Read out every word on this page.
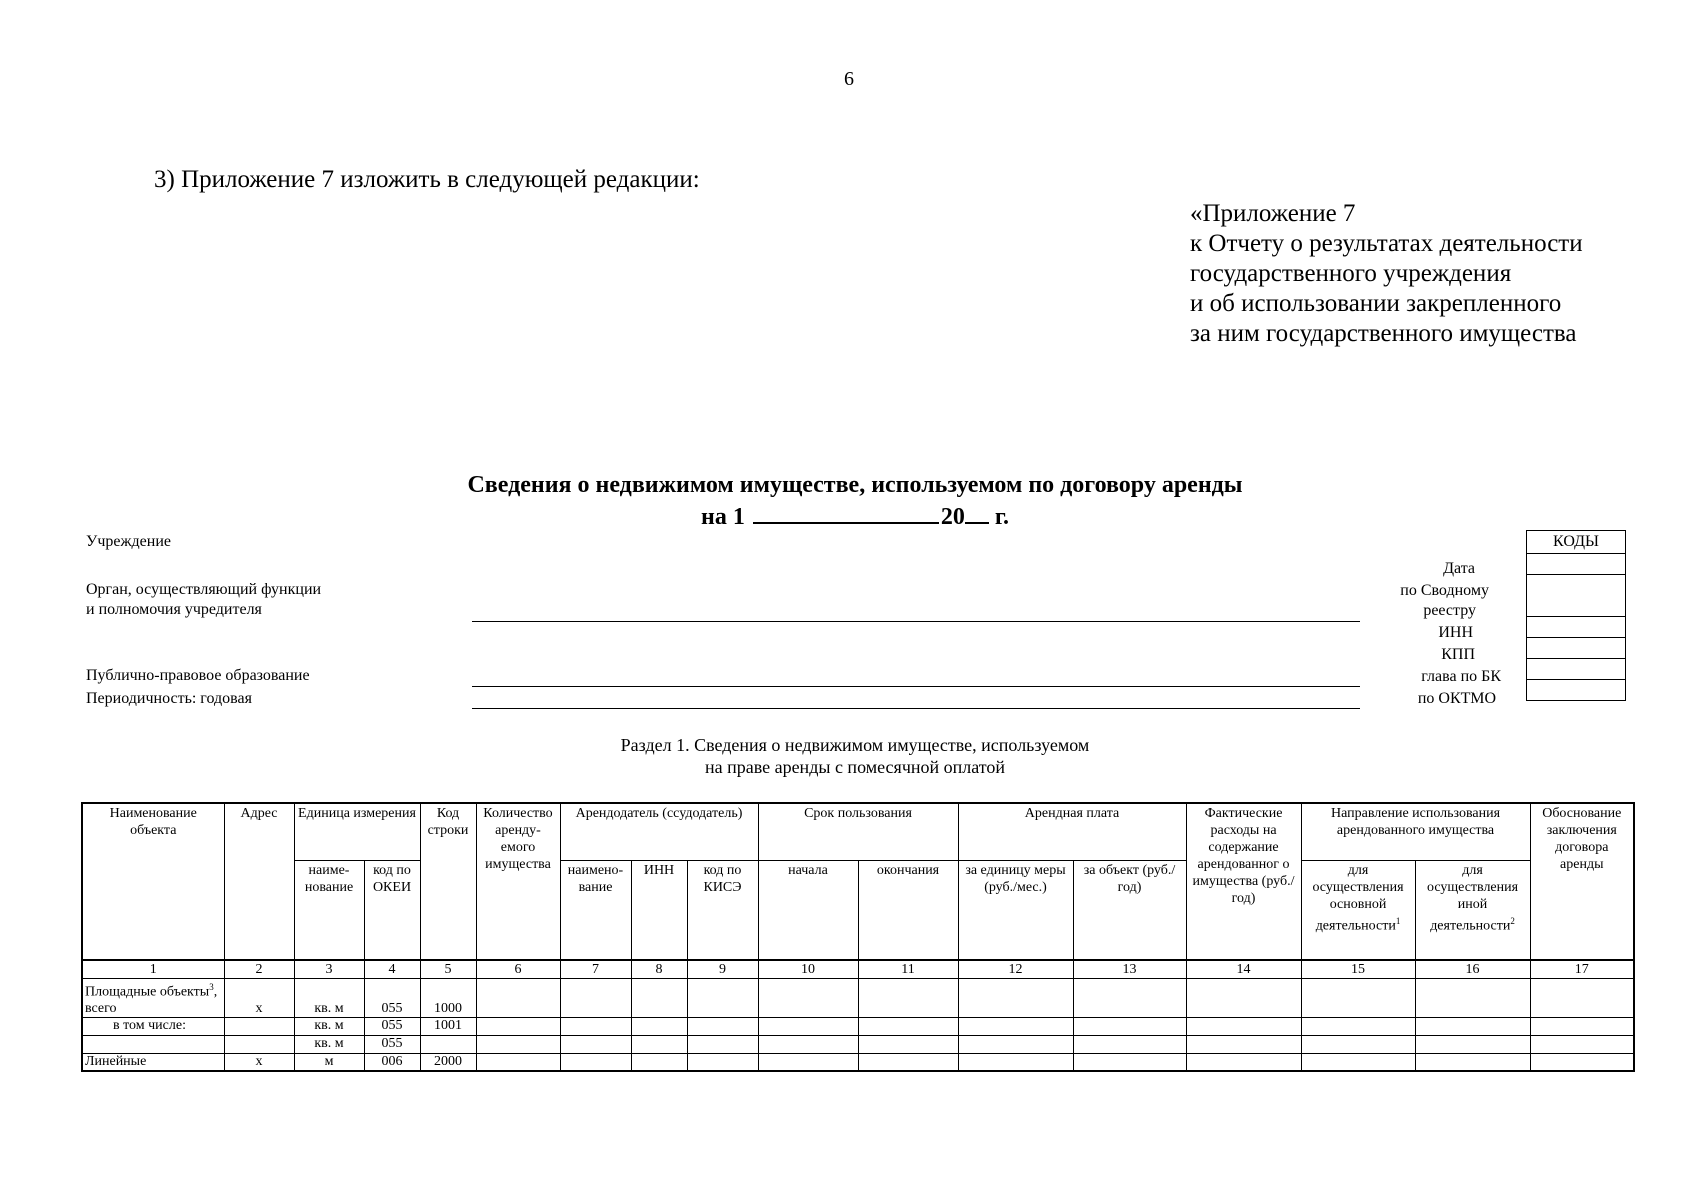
6
3) Приложение 7 изложить в следующей редакции:
«Приложение 7
к Отчету о результатах деятельности
государственного учреждения
и об использовании закрепленного
за ним государственного имущества
Сведения о недвижимом имуществе, используемом по договору аренды
на 1	20 г.
Учреждение
Орган, осуществляющий функции
и полномочия учредителя
Публично-правовое образование
Периодичность: годовая
Дата
по Сводному
реестру
ИНН
КПП
глава по БК
по ОКТМО
КОДЫ

Раздел 1. Сведения о недвижимом имуществе, используемом
на праве аренды с помесячной оплатой
Наименование объекта	Адрес	Единица измерения		Код строки	Количество аренду-емого имущества	Арендодатель (ссудодатель)			Срок пользования		Арендная плата		Фактические расходы на содержание арендованног о имущества (руб./год)	Направление использования арендованного имущества		Обоснование заключения договора аренды
		наиме-нование	код по ОКЕИ			наимено-вание	ИНН	код по КИСЭ	начала	окончания	за единицу меры (руб./мес.)	за объект (руб./год)		для осуществления основной деятельности$^1$	для осуществления иной деятельности$^2$
1	2	3	4	5	6	7	8	9	10	11	12	13	14	15	16	17
Площадные объекты$^3$, всего	x	кв. м	055	1000												
в том числе:		кв. м	055	1001												
		кв. м	055													
Линейные	x	м	006	2000												
